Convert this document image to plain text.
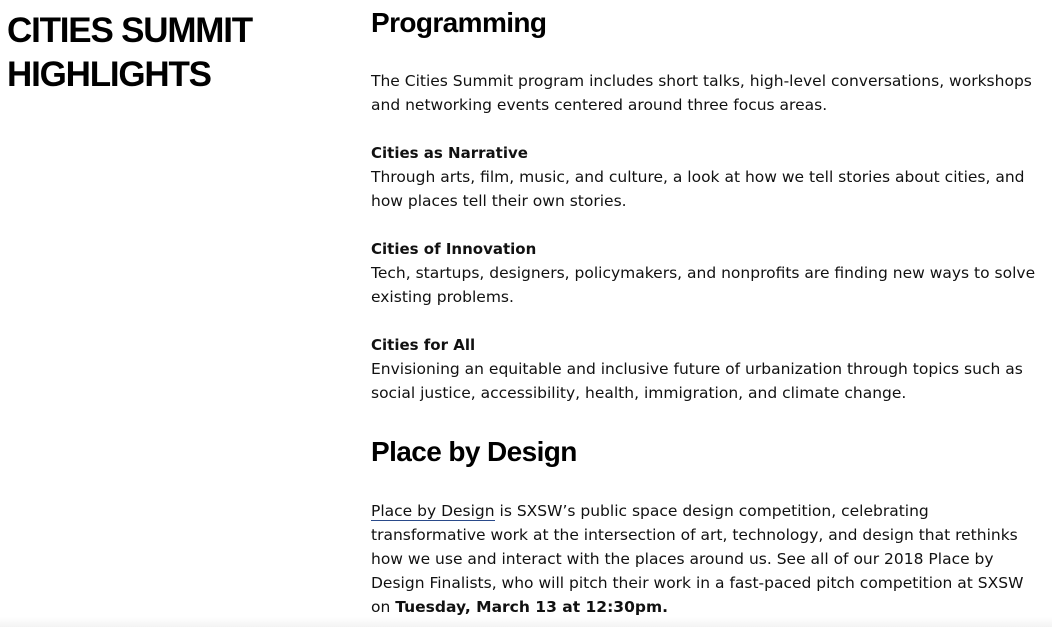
CITIES SUMMIT
HIGHLIGHTS
Programming

The Cities Summit program includes short talks, high-level conversations, workshops and networking events centered around three focus areas.

Cities as Narrative
Through arts, film, music, and culture, a look at how we tell stories about cities, and how places tell their own stories.
Cities of Innovation
Tech, startups, designers, policymakers, and nonprofits are finding new ways to solve existing problems.
Cities for All
Envisioning an equitable and inclusive future of urbanization through topics such as social justice, accessibility, health, immigration, and climate change.
Place by Design

Place by Design is SXSW’s public space design competition, celebrating transformative work at the intersection of art, technology, and design that rethinks how we use and interact with the places around us. See all of our 2018 Place by Design Finalists, who will pitch their work in a fast-paced pitch competition at SXSW on Tuesday, March 13 at 12:30pm.
